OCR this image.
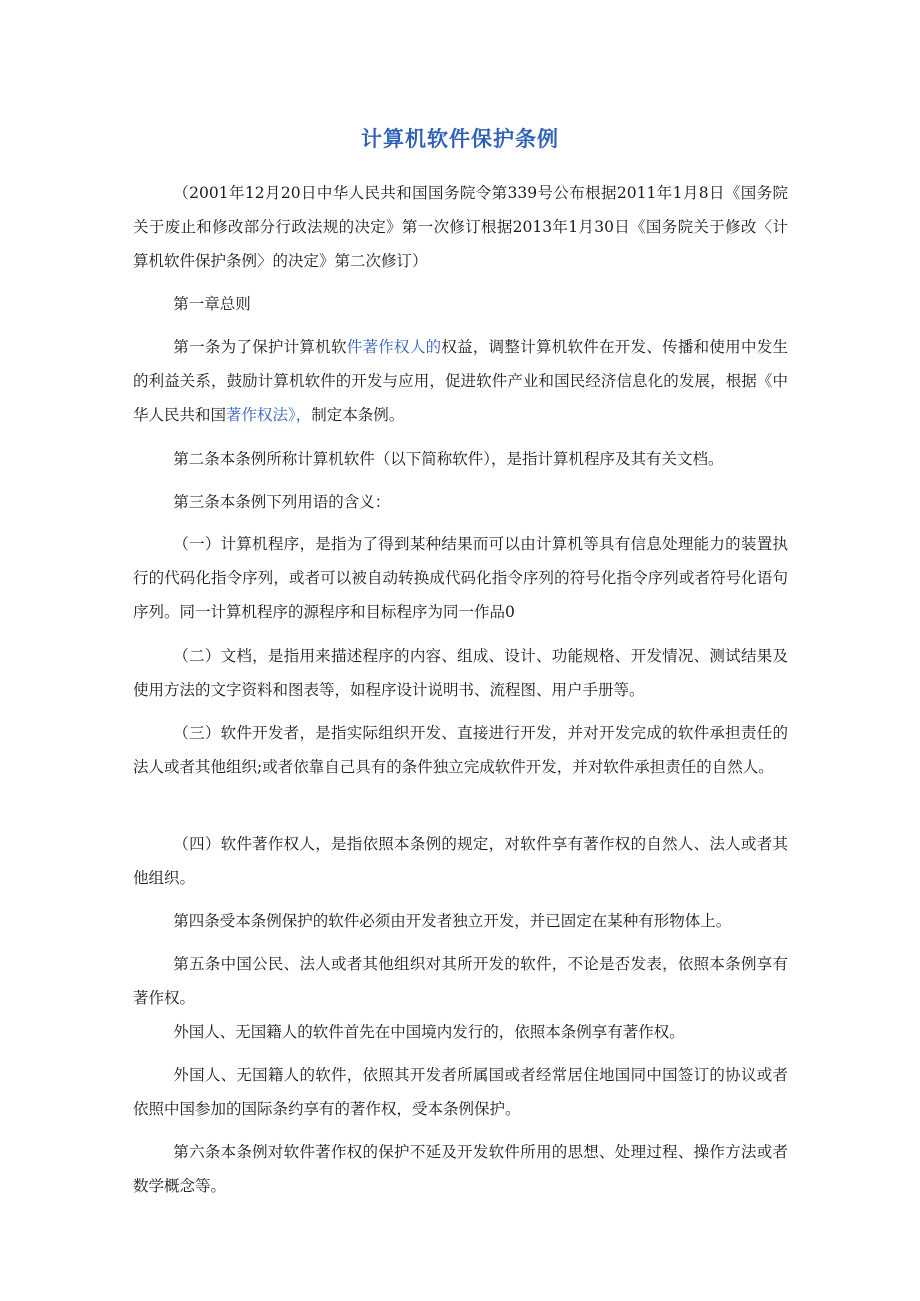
计算机软件保护条例

（2001年12月20日中华人民共和国国务院令第339号公布根据2011年1月8日《国务院关于废止和修改部分行政法规的决定》第一次修订根据2013年1月30日《国务院关于修改〈计算机软件保护条例〉的决定》第二次修订）

第一章总则

第一条为了保护计算机软件著作权人的权益，调整计算机软件在开发、传播和使用中发生的利益关系，鼓励计算机软件的开发与应用，促进软件产业和国民经济信息化的发展，根据《中华人民共和国著作权法》，制定本条例。

第二条本条例所称计算机软件（以下简称软件），是指计算机程序及其有关文档。

第三条本条例下列用语的含义：

（一）计算机程序，是指为了得到某种结果而可以由计算机等具有信息处理能力的装置执行的代码化指令序列，或者可以被自动转换成代码化指令序列的符号化指令序列或者符号化语句序列。同一计算机程序的源程序和目标程序为同一作品0

（二）文档，是指用来描述程序的内容、组成、设计、功能规格、开发情况、测试结果及使用方法的文字资料和图表等，如程序设计说明书、流程图、用户手册等。

（三）软件开发者，是指实际组织开发、直接进行开发，并对开发完成的软件承担责任的法人或者其他组织;或者依靠自己具有的条件独立完成软件开发，并对软件承担责任的自然人。

（四）软件著作权人，是指依照本条例的规定，对软件享有著作权的自然人、法人或者其他组织。

第四条受本条例保护的软件必须由开发者独立开发，并已固定在某种有形物体上。

第五条中国公民、法人或者其他组织对其所开发的软件，不论是否发表，依照本条例享有著作权。

外国人、无国籍人的软件首先在中国境内发行的，依照本条例享有著作权。

外国人、无国籍人的软件，依照其开发者所属国或者经常居住地国同中国签订的协议或者依照中国参加的国际条约享有的著作权，受本条例保护。

第六条本条例对软件著作权的保护不延及开发软件所用的思想、处理过程、操作方法或者数学概念等。
